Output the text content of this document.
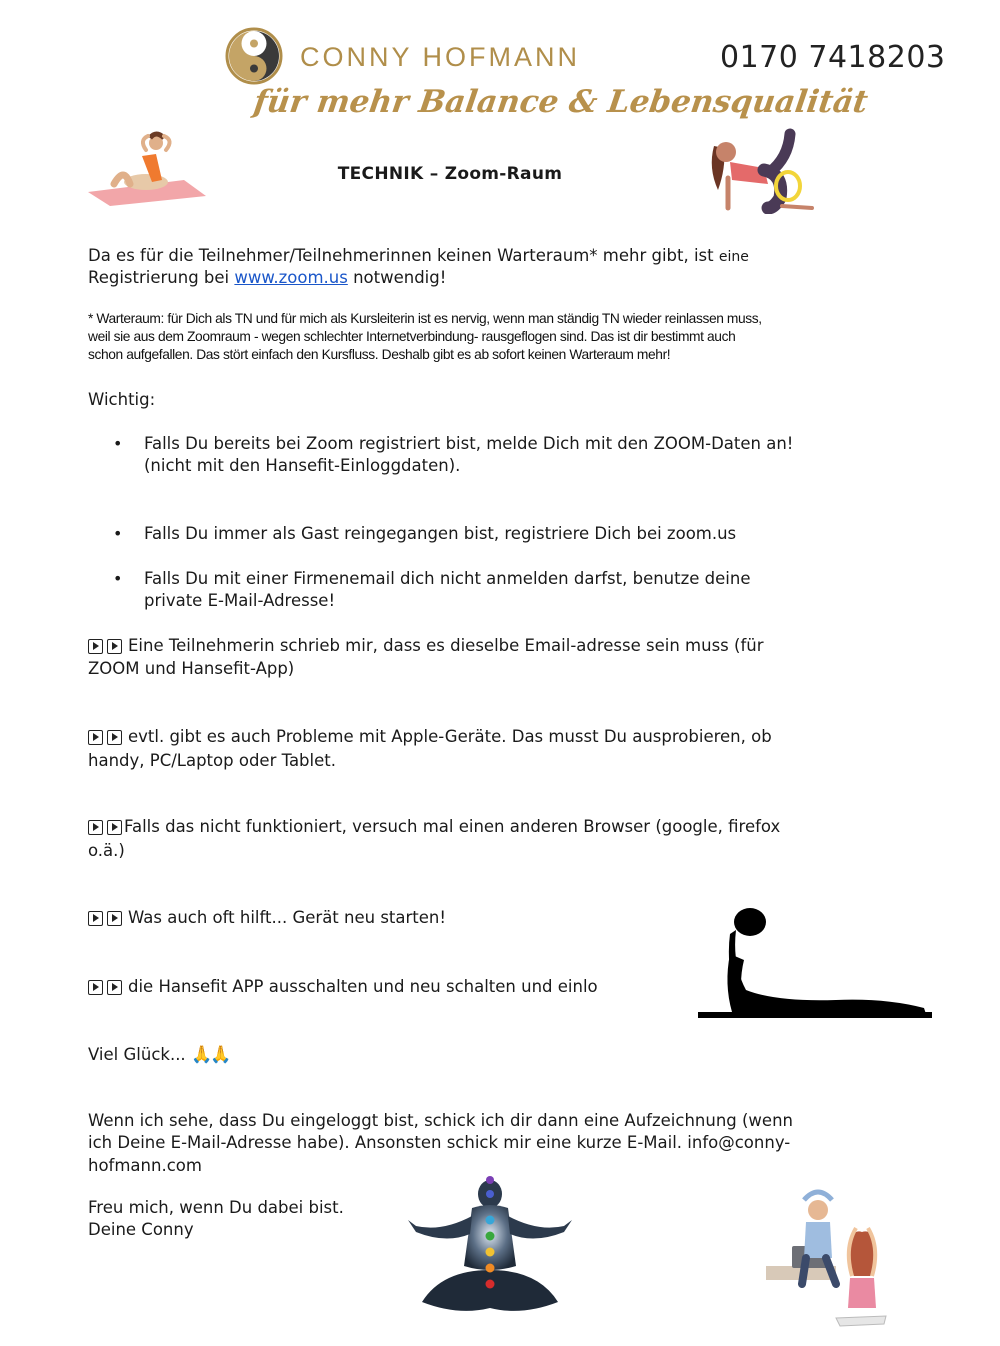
CONNY HOFMANN
für mehr Balance & Lebensqualität
0170 7418203
TECHNIK – Zoom-Raum
Da es für die Teilnehmer/Teilnehmerinnen keinen Warteraum* mehr gibt, ist eine
Registrierung bei www.zoom.us notwendig!
* Warteraum: für Dich als TN und für mich als Kursleiterin ist es nervig, wenn man ständig TN wieder reinlassen muss,
weil sie aus dem Zoomraum - wegen schlechter Internetverbindung- rausgeflogen sind. Das ist dir bestimmt auch
schon aufgefallen. Das stört einfach den Kursfluss. Deshalb gibt es ab sofort keinen Warteraum mehr!
Wichtig:
• Falls Du bereits bei Zoom registriert bist, melde Dich mit den ZOOM-Daten an!
(nicht mit den Hansefit-Einloggdaten).
• Falls Du immer als Gast reingegangen bist, registriere Dich bei zoom.us
• Falls Du mit einer Firmenemail dich nicht anmelden darfst, benutze deine
private E-Mail-Adresse!
Eine Teilnehmerin schrieb mir, dass es dieselbe Email-adresse sein muss (für
ZOOM und Hansefit-App)
evtl. gibt es auch Probleme mit Apple-Geräte. Das musst Du ausprobieren, ob
handy, PC/Laptop oder Tablet.
Falls das nicht funktioniert, versuch mal einen anderen Browser (google, firefox
o.ä.)
Was auch oft hilft... Gerät neu starten!
die Hansefit APP ausschalten und neu schalten und einlo
Viel Glück... 🙏🙏
Wenn ich sehe, dass Du eingeloggt bist, schick ich dir dann eine Aufzeichnung (wenn
ich Deine E-Mail-Adresse habe). Ansonsten schick mir eine kurze E-Mail. info@conny-
hofmann.com
Freu mich, wenn Du dabei bist.
Deine Conny
